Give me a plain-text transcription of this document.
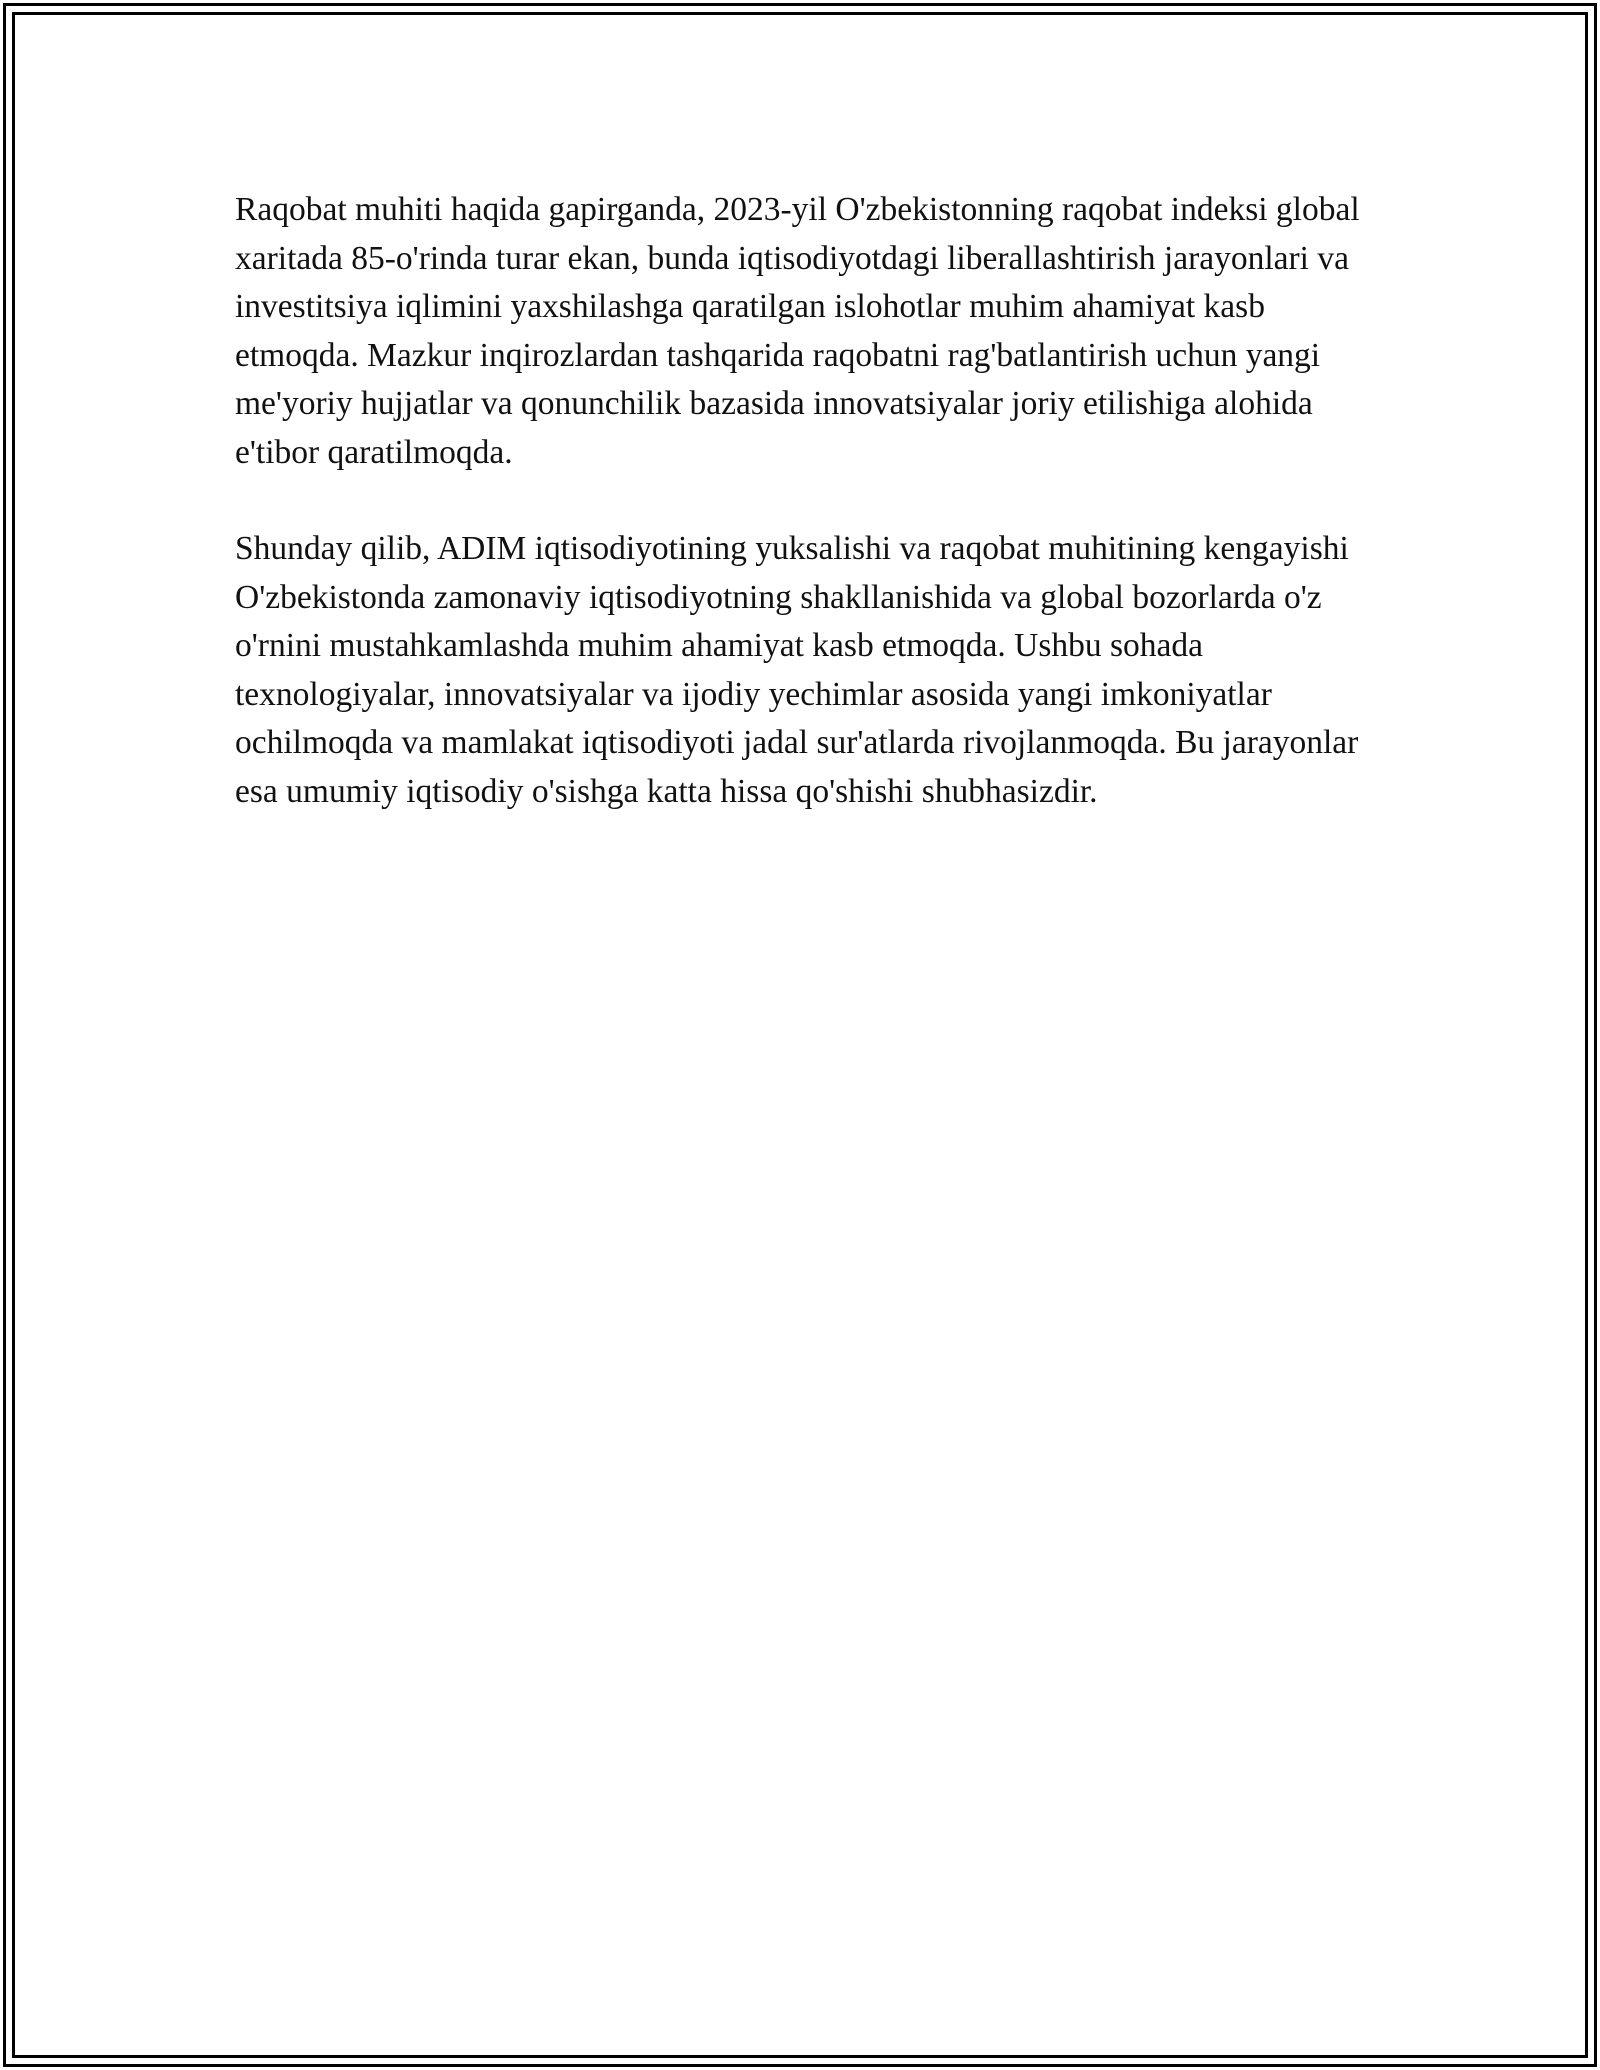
Raqobat muhiti haqida gapirganda, 2023-yil O'zbekistonning raqobat indeksi global xaritada 85-o'rinda turar ekan, bunda iqtisodiyotdagi liberallashtirish jarayonlari va investitsiya iqlimini yaxshilashga qaratilgan islohotlar muhim ahamiyat kasb etmoqda. Mazkur inqirozlardan tashqarida raqobatni rag'batlantirish uchun yangi me'yoriy hujjatlar va qonunchilik bazasida innovatsiyalar joriy etilishiga alohida e'tibor qaratilmoqda.

Shunday qilib, ADIM iqtisodiyotining yuksalishi va raqobat muhitining kengayishi O'zbekistonda zamonaviy iqtisodiyotning shakllanishida va global bozorlarda o'z o'rnini mustahkamlashda muhim ahamiyat kasb etmoqda. Ushbu sohada texnologiyalar, innovatsiyalar va ijodiy yechimlar asosida yangi imkoniyatlar ochilmoqda va mamlakat iqtisodiyoti jadal sur'atlarda rivojlanmoqda. Bu jarayonlar esa umumiy iqtisodiy o'sishga katta hissa qo'shishi shubhasizdir.
